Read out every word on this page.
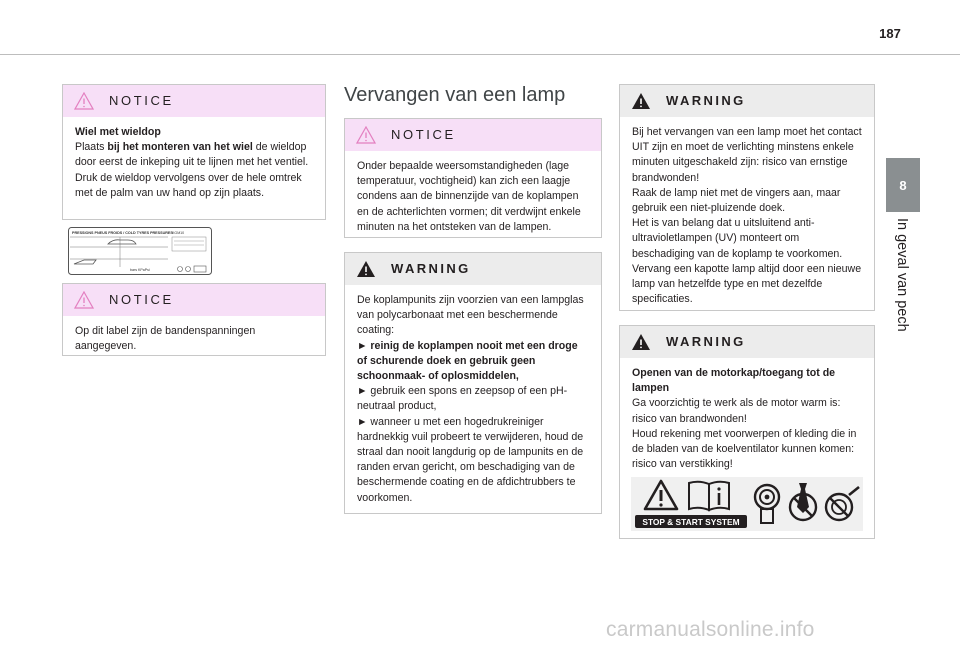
187
8
In geval van pech
NOTICE
Wiel met wieldop
Plaats bij het monteren van het wiel de wieldop door eerst de inkeping uit te lijnen met het ventiel. Druk de wieldop vervolgens over de hele omtrek met de palm van uw hand op zijn plaats.
PRESSIONS PNEUS FROIDS / COLD TYRES PRESSURES KGM10
bars KPaPsi
NOTICE
Op dit label zijn de bandenspanningen aangegeven.
Vervangen van een lamp
NOTICE
Onder bepaalde weersomstandigheden (lage temperatuur, vochtigheid) kan zich een laagje condens aan de binnenzijde van de koplampen en de achterlichten vormen; dit verdwijnt enkele minuten na het ontsteken van de lampen.
WARNING
De koplampunits zijn voorzien van een lampglas van polycarbonaat met een beschermende coating:
► reinig de koplampen nooit met een droge of schurende doek en gebruik geen schoonmaak- of oplosmiddelen,
► gebruik een spons en zeepsop of een pH-neutraal product,
► wanneer u met een hogedrukreiniger hardnekkig vuil probeert te verwijderen, houd de straal dan nooit langdurig op de lampunits en de randen ervan gericht, om beschadiging van de beschermende coating en de afdichtrubbers te voorkomen.
WARNING
Bij het vervangen van een lamp moet het contact UIT zijn en moet de verlichting minstens enkele minuten uitgeschakeld zijn: risico van ernstige brandwonden!
Raak de lamp niet met de vingers aan, maar gebruik een niet-pluizende doek.
Het is van belang dat u uitsluitend anti-ultravioletlampen (UV) monteert om beschadiging van de koplamp te voorkomen.
Vervang een kapotte lamp altijd door een nieuwe lamp van hetzelfde type en met dezelfde specificaties.
WARNING
Openen van de motorkap/toegang tot de lampen
Ga voorzichtig te werk als de motor warm is: risico van brandwonden!
Houd rekening met voorwerpen of kleding die in de bladen van de koelventilator kunnen komen: risico van verstikking!
STOP & START SYSTEM
carmanualsonline.info
